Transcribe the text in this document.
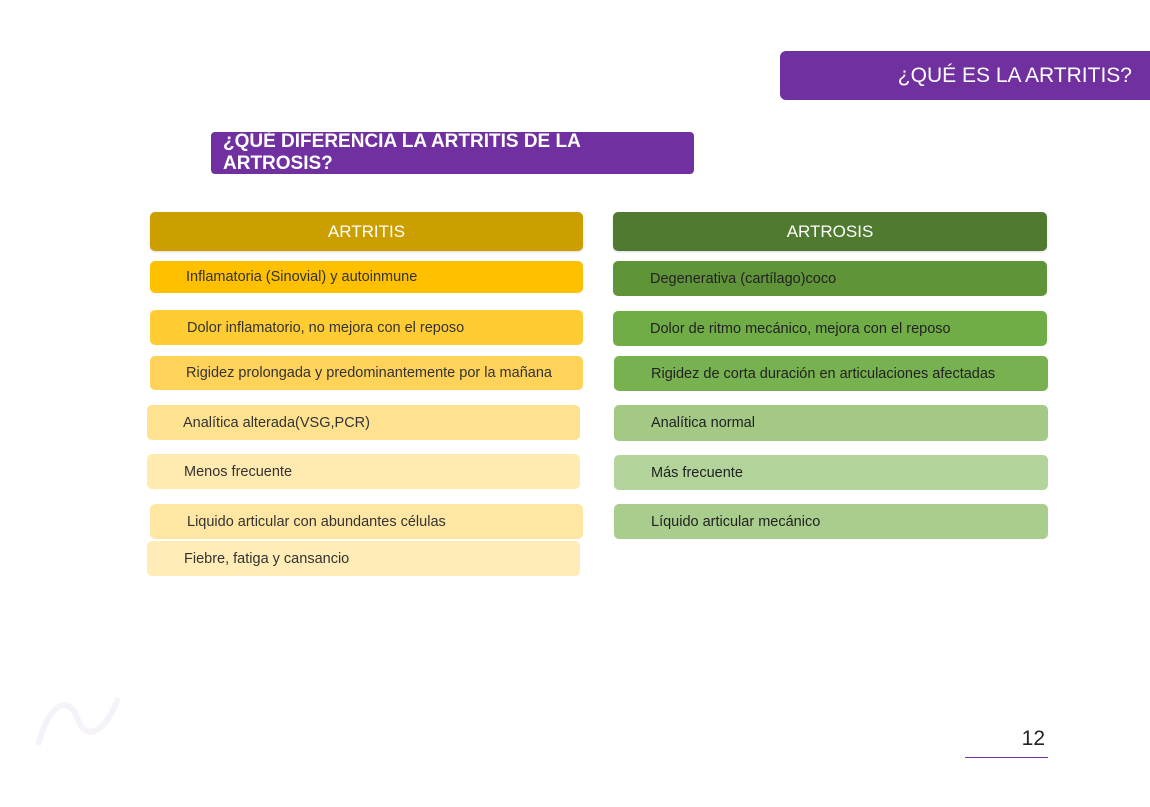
¿QUÉ ES LA ARTRITIS?
¿QUÉ DIFERENCIA LA ARTRITIS DE LA ARTROSIS?
ARTRITIS	ARTROSIS
Inflamatoria (Sinovial) y autoinmune
Dolor inflamatorio, no mejora con el reposo
Rigidez prolongada y predominantemente por la mañana
Analítica alterada(VSG,PCR)
Menos frecuente
Liquido articular con abundantes células
Fiebre, fatiga y cansancio
Degenerativa (cartílago)coco
Dolor de ritmo mecánico, mejora con el reposo
Rigidez de corta duración en articulaciones afectadas
Analítica normal
Más frecuente
Líquido articular mecánico
12
